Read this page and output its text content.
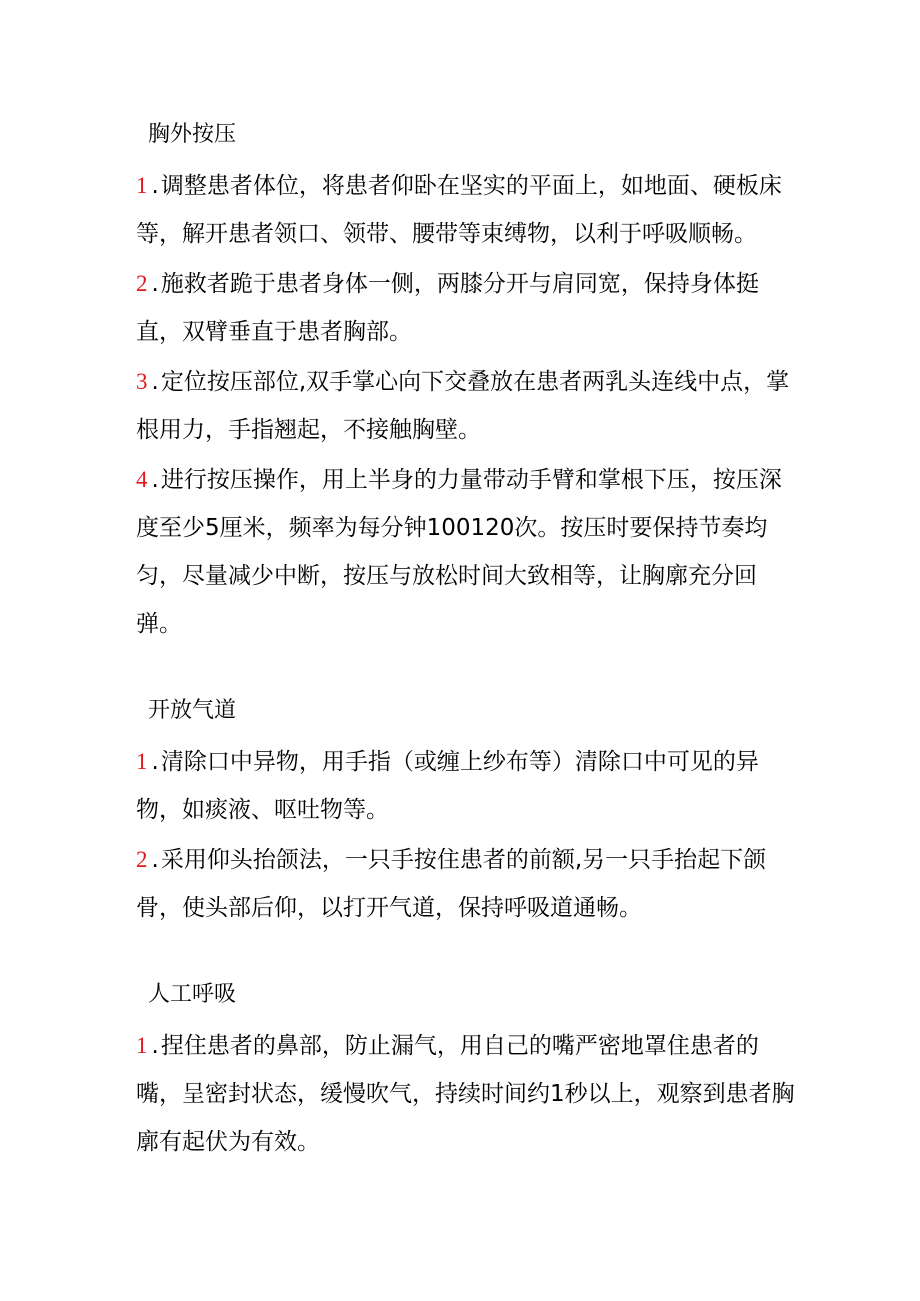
胸外按压

1 .调整患者体位，将患者仰卧在坚实的平面上，如地面、硬板床等，解开患者领口、领带、腰带等束缚物，以利于呼吸顺畅。

2 .施救者跪于患者身体一侧，两膝分开与肩同宽，保持身体挺直，双臂垂直于患者胸部。

3 .定位按压部位,双手掌心向下交叠放在患者两乳头连线中点，掌根用力，手指翘起，不接触胸壁。

4 .进行按压操作，用上半身的力量带动手臂和掌根下压，按压深度至少5厘米，频率为每分钟100120次。按压时要保持节奏均匀，尽量减少中断，按压与放松时间大致相等，让胸廓充分回弹。

开放气道

1 .清除口中异物，用手指（或缠上纱布等）清除口中可见的异物，如痰液、呕吐物等。

2 .采用仰头抬颌法，一只手按住患者的前额,另一只手抬起下颌骨，使头部后仰，以打开气道，保持呼吸道通畅。

人工呼吸

1 .捏住患者的鼻部，防止漏气，用自己的嘴严密地罩住患者的嘴，呈密封状态，缓慢吹气，持续时间约1秒以上，观察到患者胸廓有起伏为有效。
